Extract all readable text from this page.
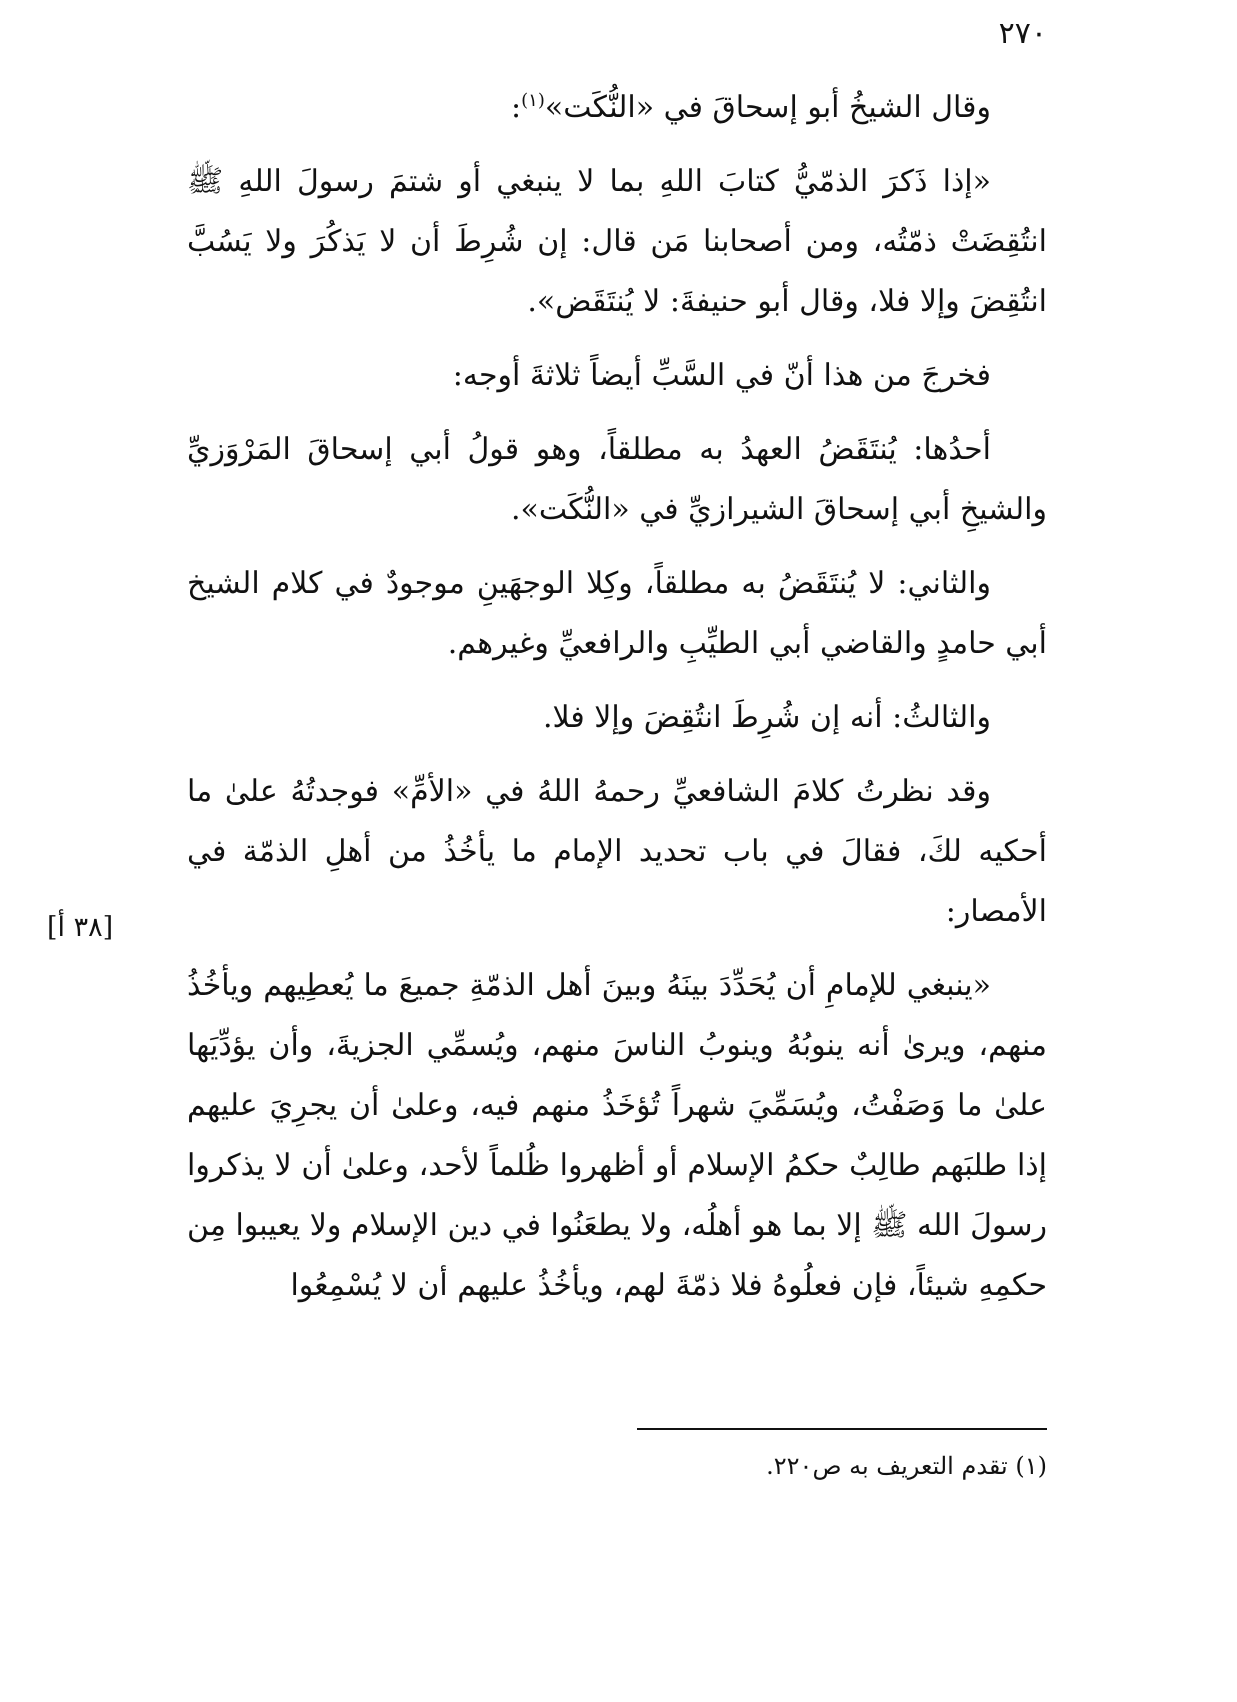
٢٧٠

وقال الشيخُ أبو إسحاقَ في «النُّكَت»$^{(١)}$:

«إذا ذَكرَ الذمّيُّ كتابَ اللهِ بما لا ينبغي أو شتمَ رسولَ اللهِ ﷺ انتُقِضَتْ ذمّتُه، ومن أصحابنا مَن قال: إن شُرِطَ أن لا يَذكُرَ ولا يَسُبَّ انتُقِضَ وإلا فلا، وقال أبو حنيفةَ: لا يُنتَقَض».

فخرجَ من هذا أنّ في السَّبِّ أيضاً ثلاثةَ أوجه:

أحدُها: يُنتَقَضُ العهدُ به مطلقاً، وهو قولُ أبي إسحاقَ المَرْوَزيِّ والشيخِ أبي إسحاقَ الشيرازيِّ في «النُّكَت».

والثاني: لا يُنتَقَضُ به مطلقاً، وكِلا الوجهَينِ موجودٌ في كلام الشيخ أبي حامدٍ والقاضي أبي الطيِّبِ والرافعيِّ وغيرهم.

والثالثُ: أنه إن شُرِطَ انتُقِضَ وإلا فلا.

وقد نظرتُ كلامَ الشافعيِّ رحمهُ اللهُ في «الأمِّ» فوجدتُهُ علىٰ ما أحكيه لكَ، فقالَ في باب تحديد الإمام ما يأخُذُ من أهلِ الذمّة في الأمصار:

«ينبغي للإمامِ أن يُحَدِّدَ بينَهُ وبينَ أهل الذمّةِ جميعَ ما يُعطِيهم ويأخُذُ منهم، ويرىٰ أنه ينوبُهُ وينوبُ الناسَ منهم، ويُسمِّي الجزيةَ، وأن يؤدِّيَها علىٰ ما وَصَفْتُ، ويُسَمِّيَ شهراً تُؤخَذُ منهم فيه، وعلىٰ أن يجرِيَ عليهم إذا طلبَهم طالِبٌ حكمُ الإسلام أو أظهروا ظُلماً لأحد، وعلىٰ أن لا يذكروا رسولَ الله ﷺ إلا بما هو أهلُه، ولا يطعَنُوا في دين الإسلام ولا يعيبوا مِن حكمِهِ شيئاً، فإن فعلُوهُ فلا ذمّةَ لهم، ويأخُذُ عليهم أن لا يُسْمِعُوا

[٣٨ أ]
(١) تقدم التعريف به ص٢٢٠.
